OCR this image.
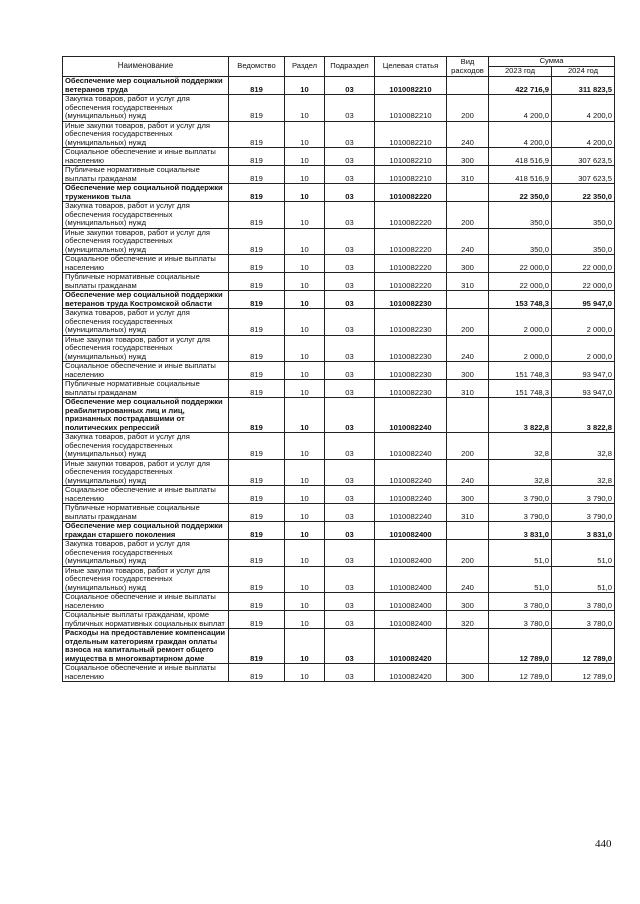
Наименование	Ведомство	Раздел	Подраздел	Целевая статья	Вид расходов	Сумма	
						2023 год	2024 год
Обеспечение мер социальной поддержки ветеранов труда	819	10	03	1010082210		422 716,9	311 823,5
Закупка товаров, работ и услуг для обеспечения государственных (муниципальных) нужд	819	10	03	1010082210	200	4 200,0	4 200,0
Иные закупки товаров, работ и услуг для обеспечения государственных (муниципальных) нужд	819	10	03	1010082210	240	4 200,0	4 200,0
Социальное обеспечение и иные выплаты населению	819	10	03	1010082210	300	418 516,9	307 623,5
Публичные нормативные социальные выплаты гражданам	819	10	03	1010082210	310	418 516,9	307 623,5
Обеспечение мер социальной поддержки тружеников тыла	819	10	03	1010082220		22 350,0	22 350,0
Закупка товаров, работ и услуг для обеспечения государственных (муниципальных) нужд	819	10	03	1010082220	200	350,0	350,0
Иные закупки товаров, работ и услуг для обеспечения государственных (муниципальных) нужд	819	10	03	1010082220	240	350,0	350,0
Социальное обеспечение и иные выплаты населению	819	10	03	1010082220	300	22 000,0	22 000,0
Публичные нормативные социальные выплаты гражданам	819	10	03	1010082220	310	22 000,0	22 000,0
Обеспечение мер социальной поддержки ветеранов труда Костромской области	819	10	03	1010082230		153 748,3	95 947,0
Закупка товаров, работ и услуг для обеспечения государственных (муниципальных) нужд	819	10	03	1010082230	200	2 000,0	2 000,0
Иные закупки товаров, работ и услуг для обеспечения государственных (муниципальных) нужд	819	10	03	1010082230	240	2 000,0	2 000,0
Социальное обеспечение и иные выплаты населению	819	10	03	1010082230	300	151 748,3	93 947,0
Публичные нормативные социальные выплаты гражданам	819	10	03	1010082230	310	151 748,3	93 947,0
Обеспечение мер социальной поддержки реабилитированных лиц и лиц, признанных пострадавшими от политических репрессий	819	10	03	1010082240		3 822,8	3 822,8
Закупка товаров, работ и услуг для обеспечения государственных (муниципальных) нужд	819	10	03	1010082240	200	32,8	32,8
Иные закупки товаров, работ и услуг для обеспечения государственных (муниципальных) нужд	819	10	03	1010082240	240	32,8	32,8
Социальное обеспечение и иные выплаты населению	819	10	03	1010082240	300	3 790,0	3 790,0
Публичные нормативные социальные выплаты гражданам	819	10	03	1010082240	310	3 790,0	3 790,0
Обеспечение мер социальной поддержки граждан старшего поколения	819	10	03	1010082400		3 831,0	3 831,0
Закупка товаров, работ и услуг для обеспечения государственных (муниципальных) нужд	819	10	03	1010082400	200	51,0	51,0
Иные закупки товаров, работ и услуг для обеспечения государственных (муниципальных) нужд	819	10	03	1010082400	240	51,0	51,0
Социальное обеспечение и иные выплаты населению	819	10	03	1010082400	300	3 780,0	3 780,0
Социальные выплаты гражданам, кроме публичных нормативных социальных выплат	819	10	03	1010082400	320	3 780,0	3 780,0
Расходы на предоставление компенсации отдельным категориям граждан оплаты взноса на капитальный ремонт общего имущества в многоквартирном доме	819	10	03	1010082420		12 789,0	12 789,0
Социальное обеспечение и иные выплаты населению	819	10	03	1010082420	300	12 789,0	12 789,0
440
